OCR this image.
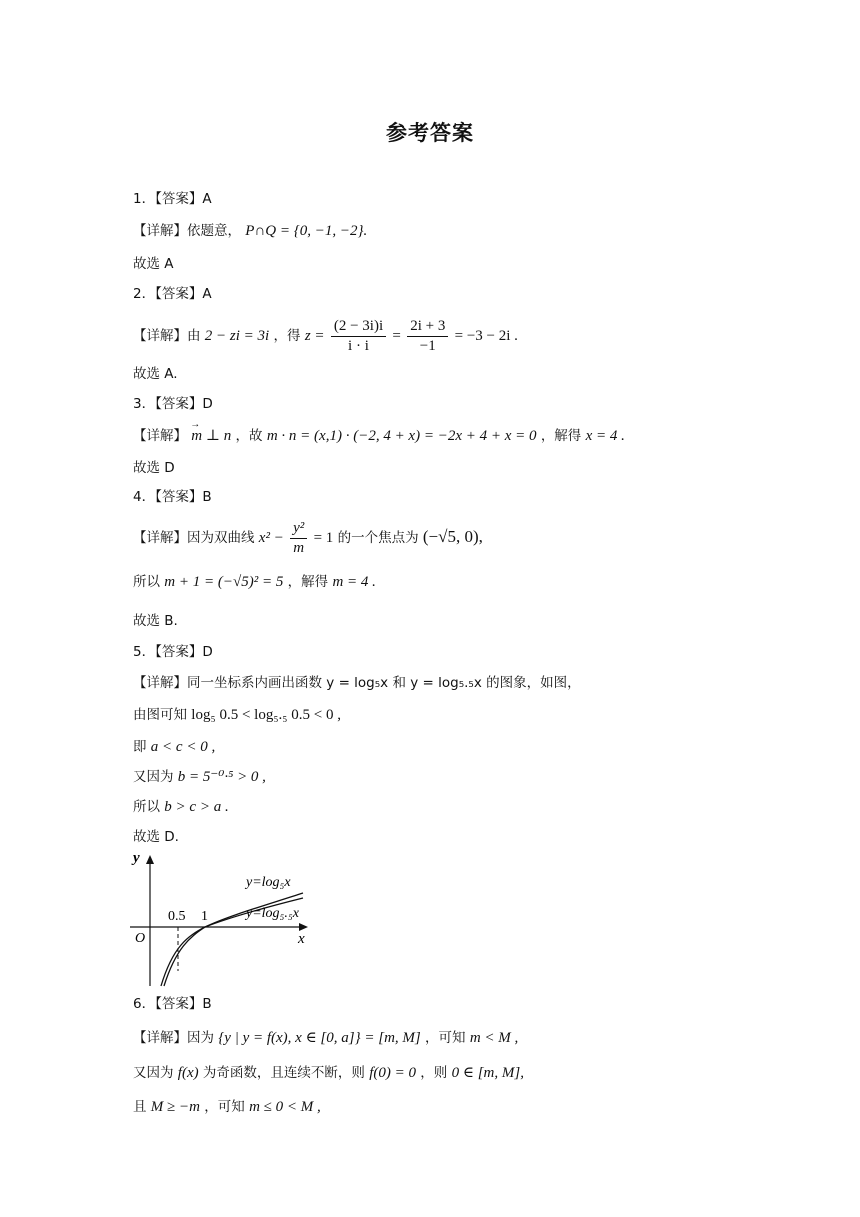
参考答案
1．【答案】A
【详解】依题意， P∩Q = {0, −1, −2}.
故选 A
2．【答案】A
【详解】由 2 − zi = 3i ，得 $z = \frac{(2 - 3i)i}{i \cdot i} = \frac{2i + 3}{-1} = -3 - 2i$ .
故选 A.
3．【答案】D
【详解】 → m ⊥ n ，故 m · n = (x,1) · (−2, 4 + x) = −2x + 4 + x = 0 ，解得 x = 4 .
故选 D
4．【答案】B
【详解】因为双曲线 $x^2 - \frac{\text{y²}}{m} = 1$ 的一个焦点为 (−√5, 0),
所以 m + 1 = (−√5)² = 5 ，解得 m = 4 .
故选 B.
5．【答案】D
【详解】同一坐标系内画出函数 y = log₅x 和 y = log₅.₅x 的图象，如图，
由图可知 log₅ 0.5 < log₅.₅ 0.5 < 0 ,
即 a < c < 0 ,
又因为 b = 5⁻⁰·⁵ > 0 ,
所以 b > c > a .
故选 D.
y
x
O
0.5 1
y=log₅x
y=log₅.₅x
6．【答案】B
【详解】因为 {y | y = f(x), x ∈ [0, a]} = [m, M] ，可知 m < M ,
又因为 f(x) 为奇函数，且连续不断，则 f(0) = 0 ，则 0 ∈ [m, M],
且 M ≥ −m ，可知 m ≤ 0 < M ,
